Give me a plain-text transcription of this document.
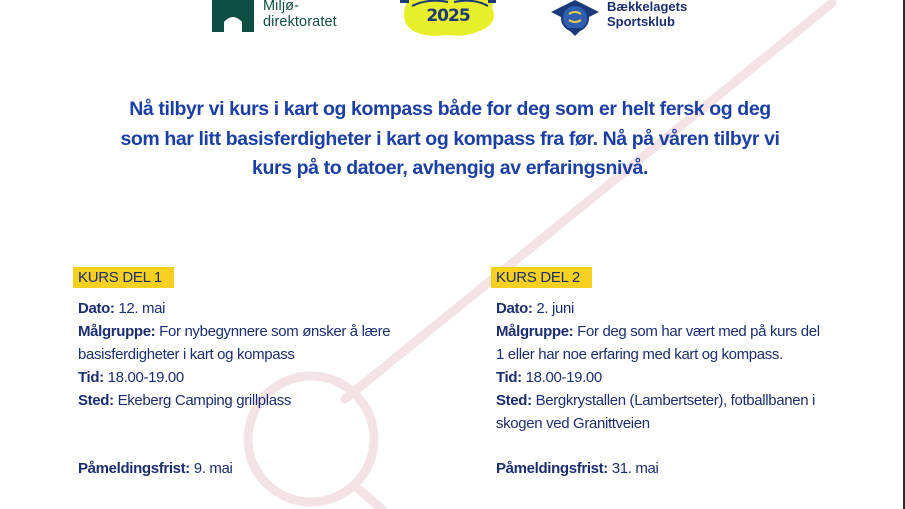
Miljø-
direktoratet	2025	Bækkelagets
Sportsklub
Nå tilbyr vi kurs i kart og kompass både for deg som er helt fersk og deg som har litt basisferdigheter i kart og kompass fra før. Nå på våren tilbyr vi kurs på to datoer, avhengig av erfaringsnivå.
KURS DEL 1

Dato: 12. mai

Målgruppe: For nybegynnere som ønsker å lære basisferdigheter i kart og kompass

Tid: 18.00-19.00

Sted: Ekeberg Camping grillplass

Påmeldingsfrist: 9. mai

KURS DEL 2

Dato: 2. juni

Målgruppe: For deg som har vært med på kurs del 1 eller har noe erfaring med kart og kompass.

Tid: 18.00-19.00

Sted: Bergkrystallen (Lambertseter), fotballbanen i skogen ved Granittveien

Påmeldingsfrist: 31. mai
